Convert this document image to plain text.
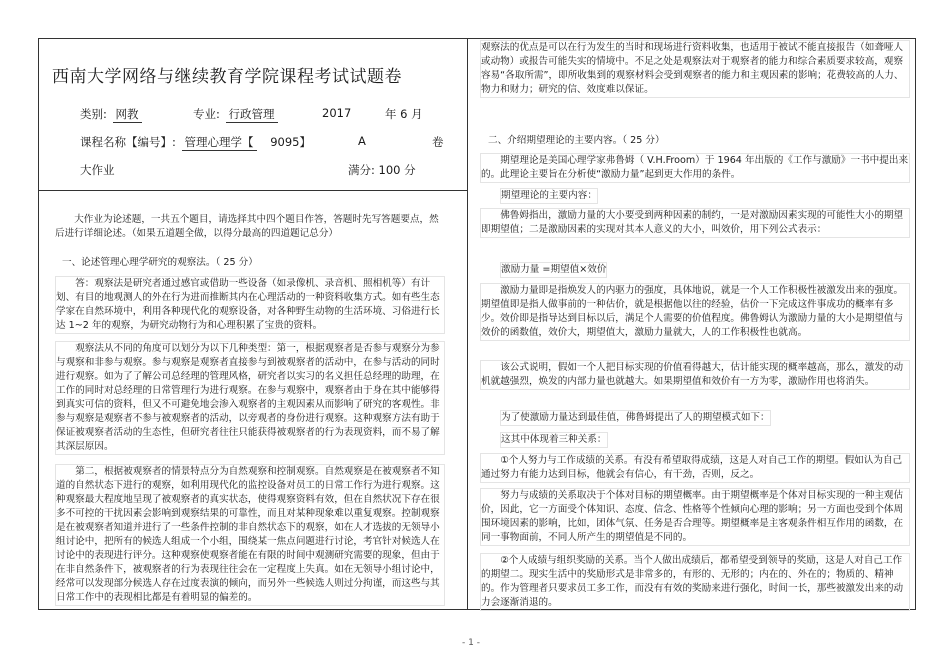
西南大学网络与继续教育学院课程考试试题卷
类别: 网教	专业: 行政管理	2017	年 6 月
课程名称【编号】: 管理心理学【 9095】	A	卷
大作业	满分: 100 分
大作业为论述题，一共五个题目，请选择其中四个题目作答，答题时先写答题要点，然后进行详细论述。（如果五道题全做，以得分最高的四道题记总分）
一、论述管理心理学研究的观察法。（ 25 分）
答：观察法是研究者通过感官或借助一些设备（如录像机、录音机、照相机等）有计划、有目的地观测人的外在行为进而推断其内在心理活动的一种资料收集方式。如有些生态学家在自然环境中，利用各种现代化的观察设备，对各种野生动物的生活环境、习俗进行长达 1~2 年的观察，为研究动物行为和心理积累了宝贵的资料。
观察法从不同的角度可以划分为以下几种类型：第一，根据观察者是否参与观察分为参与观察和非参与观察。参与观察是观察者直接参与到被观察者的活动中，在参与活动的同时进行观察。如为了了解公司总经理的管理风格，研究者以实习的名义担任总经理的助理，在工作的同时对总经理的日常管理行为进行观察。在参与观察中，观察者由于身在其中能够得到真实可信的资料，但又不可避免地会渗入观察者的主观因素从而影响了研究的客观性。非参与观察是观察者不参与被观察者的活动，以旁观者的身份进行观察。这种观察方法有助于保证被观察者活动的生态性，但研究者往往只能获得被观察者的行为表现资料，而不易了解其深层原因。
第二，根据被观察者的情景特点分为自然观察和控制观察。自然观察是在被观察者不知道的自然状态下进行的观察，如利用现代化的监控设备对员工的日常工作行为进行观察。这种观察最大程度地呈现了被观察者的真实状态，使得观察资料有效，但在自然状况下存在很多不可控的干扰因素会影响到观察结果的可靠性，而且对某种现象难以重复观察。控制观察是在被观察者知道并进行了一些条件控制的非自然状态下的观察，如在人才选拔的无领导小组讨论中，把所有的候选人组成一个小组，围绕某一焦点问题进行讨论，考官针对候选人在讨论中的表现进行评分。这种观察使观察者能在有限的时间中观测研究需要的现象，但由于在非自然条件下，被观察者的行为表现往往会在一定程度上失真。如在无领导小组讨论中，经常可以发现部分候选人存在过度表演的倾向，而另外一些候选人则过分拘谨，而这些与其日常工作中的表现相比都是有着明显的偏差的。
观察法的优点是可以在行为发生的当时和现场进行资料收集，也适用于被试不能直接报告（如聋哑人或动物）或报告可能失实的情境中。不足之处是观察法对于观察者的能力和综合素质要求较高，观察容易“各取所需”，即所收集到的观察材料会受到观察者的能力和主观因素的影响；花费较高的人力、物力和财力；研究的信、效度难以保证。
二、介绍期望理论的主要内容。（ 25 分）
期望理论是美国心理学家弗鲁姆（ V.H.Froom）于 1964 年出版的《工作与激励》一书中提出来的。此理论主要旨在分析使“激励力量”起到更大作用的条件。
期望理论的主要内容：
佛鲁姆指出，激励力量的大小要受到两种因素的制约，一是对激励因素实现的可能性大小的期望即期望值；二是激励因素的实现对其本人意义的大小，叫效价，用下列公式表示：
激励力量 =期望值×效价
激励力量即是指焕发人的内驱力的强度，具体地说，就是一个人工作积极性被激发出来的强度。期望值即是指人做事前的一种估价，就是根据他以往的经验，估价一下完成这件事成功的概率有多少。效价即是指导达到目标以后，满足个人需要的价值程度。佛鲁姆认为激励力量的大小是期望值与效价的函数值，效价大，期望值大，激励力量就大，人的工作积极性也就高。
该公式说明，假如一个人把目标实现的价值看得越大，估计能实现的概率越高，那么，激发的动机就越强烈，焕发的内部力量也就越大。如果期望值和效价有一方为零，激励作用也将消失。
为了使激励力量达到最佳值，佛鲁姆提出了人的期望模式如下：
这其中体现着三种关系：
①个人努力与工作成绩的关系。有没有希望取得成绩，这是人对自己工作的期望。假如认为自己通过努力有能力达到目标，他就会有信心，有干劲，否则，反之。
努力与成绩的关系取决于个体对目标的期望概率。由于期望概率是个体对目标实现的一种主观估价，因此，它一方面受个体知识、态度、信念、性格等个性倾向心理的影响；另一方面也受到个体周围环境因素的影响，比如，团体气氛、任务是否合理等。期望概率是主客观条件相互作用的函数，在同一事物面前，不同人所产生的期望值是不同的。
②个人成绩与组织奖励的关系。当个人做出成绩后，都希望受到领导的奖励，这是人对自己工作的期望二。现实生活中的奖励形式是非常多的，有形的、无形的；内在的、外在的；物质的、精神的。作为管理者只要求员工多工作，而没有有效的奖励来进行强化，时间一长，那些被激发出来的动力会逐渐消退的。
- 1 -
